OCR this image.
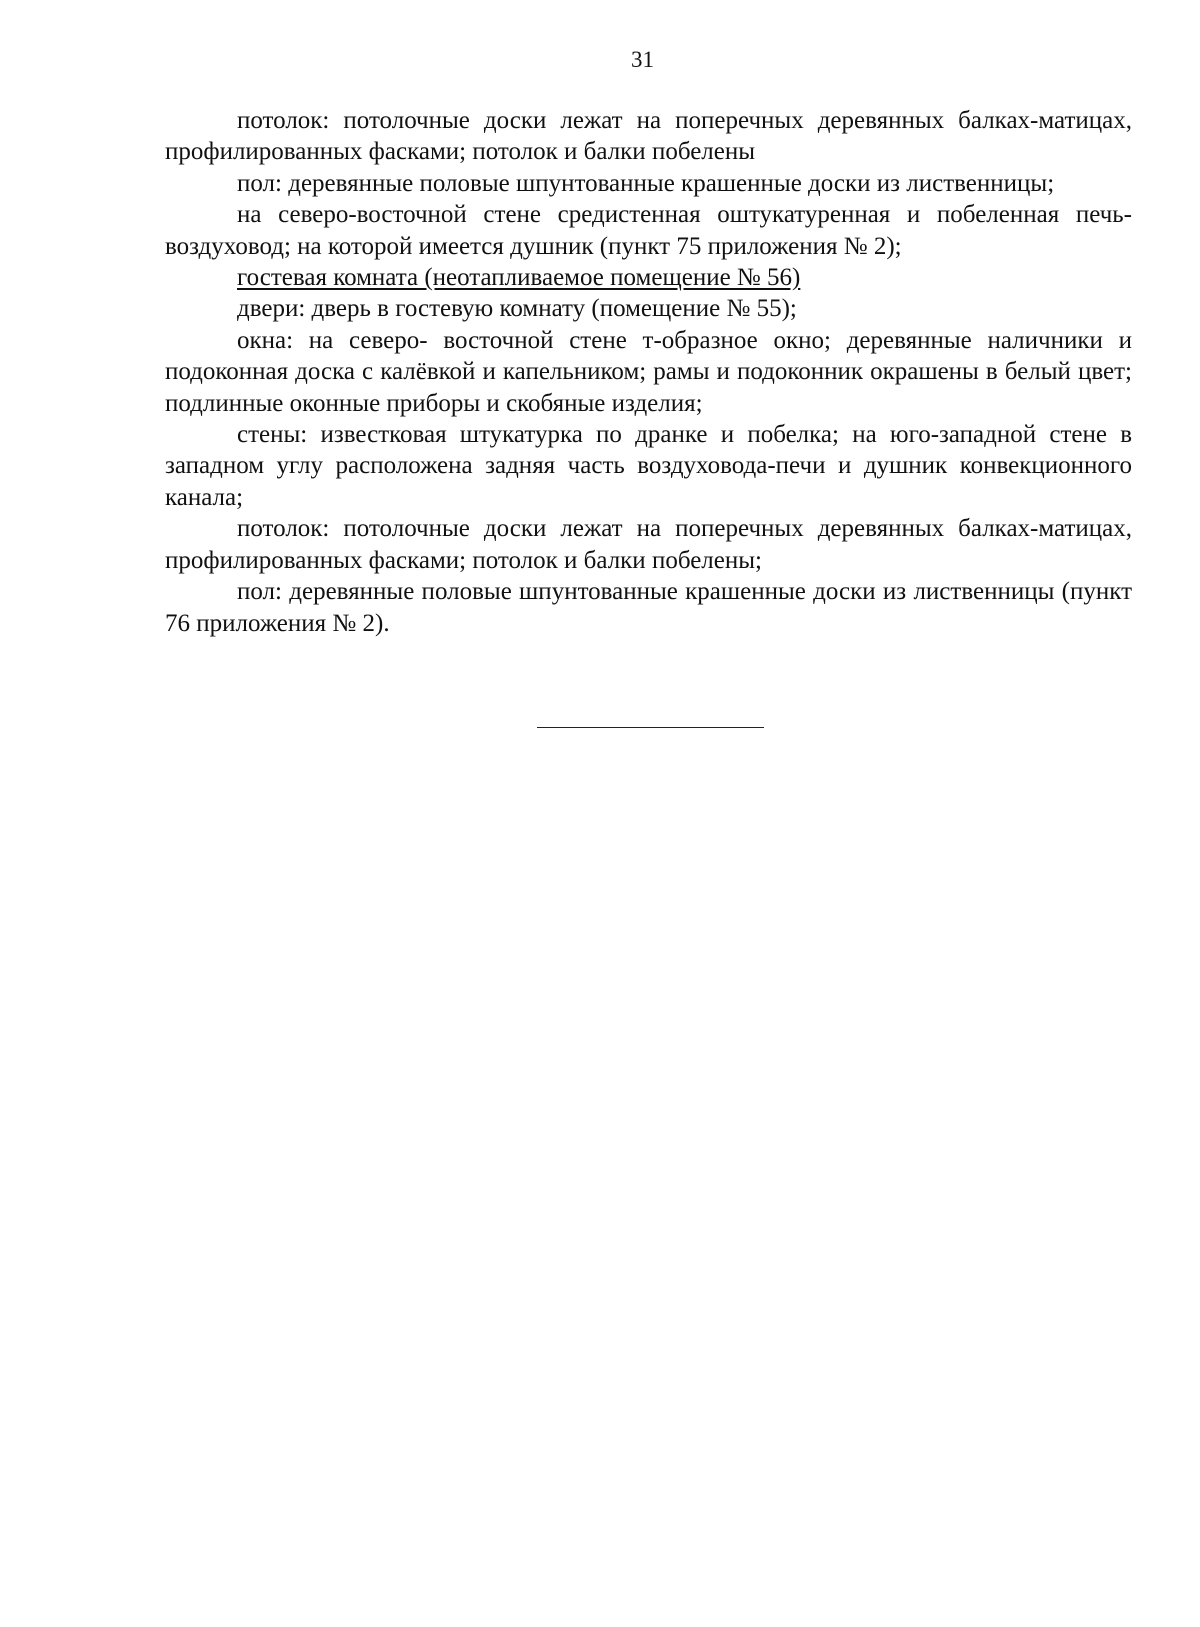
31

потолок: потолочные доски лежат на поперечных деревянных балках-матицах, профилированных фасками; потолок и балки побелены

пол: деревянные половые шпунтованные крашенные доски из лиственницы;

на северо-восточной стене средистенная оштукатуренная и побеленная печь-воздуховод; на которой имеется душник (пункт 75 приложения № 2);

гостевая комната (неотапливаемое помещение № 56)

двери: дверь в гостевую комнату (помещение № 55);

окна: на северо- восточной стене т-образное окно; деревянные наличники и подоконная доска с калёвкой и капельником; рамы и подоконник окрашены в белый цвет; подлинные оконные приборы и скобяные изделия;

стены: известковая штукатурка по дранке и побелка; на юго-западной стене в западном углу расположена задняя часть воздуховода-печи и душник конвекционного канала;

потолок: потолочные доски лежат на поперечных деревянных балках-матицах, профилированных фасками; потолок и балки побелены;

пол: деревянные половые шпунтованные крашенные доски из лиственницы (пункт 76 приложения № 2).
